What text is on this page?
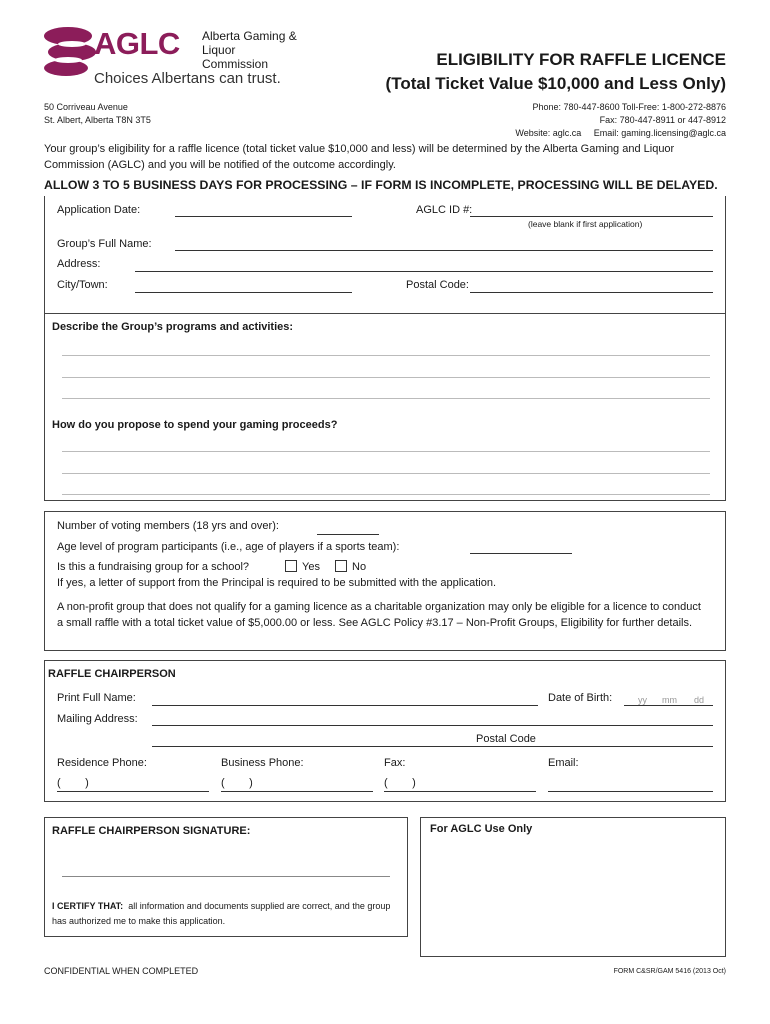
AGLC Alberta Gaming &
Liquor Commission
Choices Albertans can trust.
ELIGIBILITY FOR RAFFLE LICENCE
(Total Ticket Value $10,000 and Less Only)
50 Corriveau Avenue
St. Albert, Alberta T8N 3T5
Phone: 780-447-8600 Toll-Free: 1-800-272-8876
Fax: 780-447-8911 or 447-8912
Website: aglc.ca     Email: gaming.licensing@aglc.ca
Your group’s eligibility for a raffle licence (total ticket value $10,000 and less) will be determined by the Alberta Gaming and Liquor Commission (AGLC) and you will be notified of the outcome accordingly.
ALLOW 3 TO 5 BUSINESS DAYS FOR PROCESSING – IF FORM IS INCOMPLETE, PROCESSING WILL BE DELAYED.
Application Date:	AGLC ID #:
(leave blank if first application)
Group’s Full Name:
Address:
City/Town:	Postal Code:
Describe the Group’s programs and activities:
How do you propose to spend your gaming proceeds?
Number of voting members (18 yrs and over):
Age level of program participants (i.e., age of players if a sports team):
Is this a fundraising group for a school?	Yes	No
If yes, a letter of support from the Principal is required to be submitted with the application.
A non-profit group that does not qualify for a gaming licence as a charitable organization may only be eligible for a licence to conduct a small raffle with a total ticket value of $5,000.00 or less. See AGLC Policy #3.17 – Non-Profit Groups, Eligibility for further details.
RAFFLE CHAIRPERSON
Print Full Name:	Date of Birth:	yy mm dd
Mailing Address:
Postal Code
Residence Phone:	Business Phone:	Fax:	Email:
(        )	(        )	(        )
RAFFLE CHAIRPERSON SIGNATURE:
I CERTIFY THAT: all information and documents supplied are correct, and the group has authorized me to make this application.
For AGLC Use Only
CONFIDENTIAL WHEN COMPLETED	FORM C&SR/GAM 5416 (2013 Oct)
